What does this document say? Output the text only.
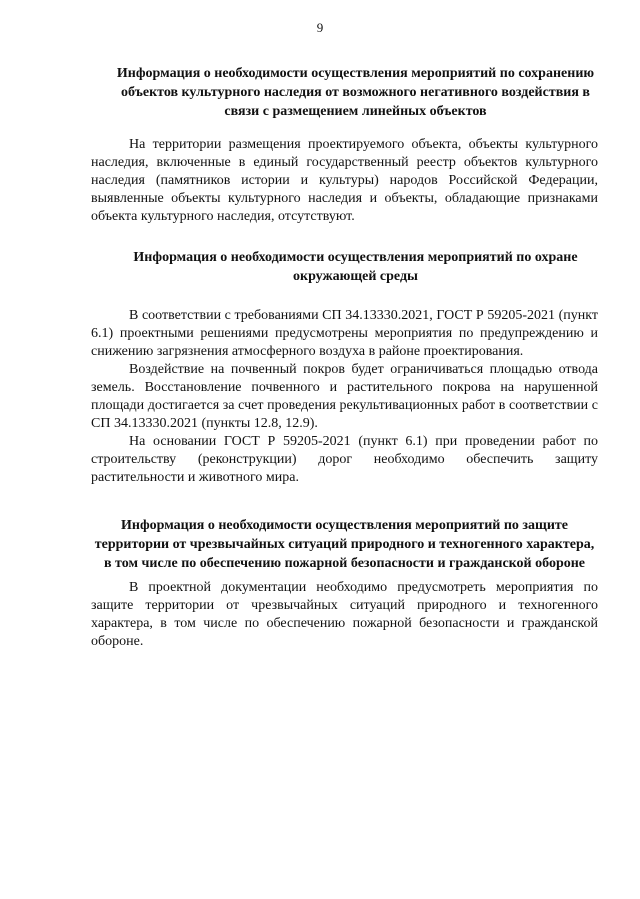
9

Информация о необходимости осуществления мероприятий по сохранению объектов культурного наследия от возможного негативного воздействия в связи с размещением линейных объектов

На территории размещения проектируемого объекта, объекты культурного наследия, включенные в единый государственный реестр объектов культурного наследия (памятников истории и культуры) народов Российской Федерации, выявленные объекты культурного наследия и объекты, обладающие признаками объекта культурного наследия, отсутствуют.

Информация о необходимости осуществления мероприятий по охране окружающей среды

В соответствии с требованиями СП 34.13330.2021, ГОСТ Р 59205-2021 (пункт 6.1) проектными решениями предусмотрены мероприятия по предупреждению и снижению загрязнения атмосферного воздуха в районе проектирования.

Воздействие на почвенный покров будет ограничиваться площадью отвода земель. Восстановление почвенного и растительного покрова на нарушенной площади достигается за счет проведения рекультивационных работ в соответствии с СП 34.13330.2021 (пункты 12.8, 12.9).

На основании ГОСТ Р 59205-2021 (пункт 6.1) при проведении работ по строительству (реконструкции) дорог необходимо обеспечить защиту растительности и животного мира.

Информация о необходимости осуществления мероприятий по защите территории от чрезвычайных ситуаций природного и техногенного характера, в том числе по обеспечению пожарной безопасности и гражданской обороне

В проектной документации необходимо предусмотреть мероприятия по защите территории от чрезвычайных ситуаций природного и техногенного характера, в том числе по обеспечению пожарной безопасности и гражданской обороне.
